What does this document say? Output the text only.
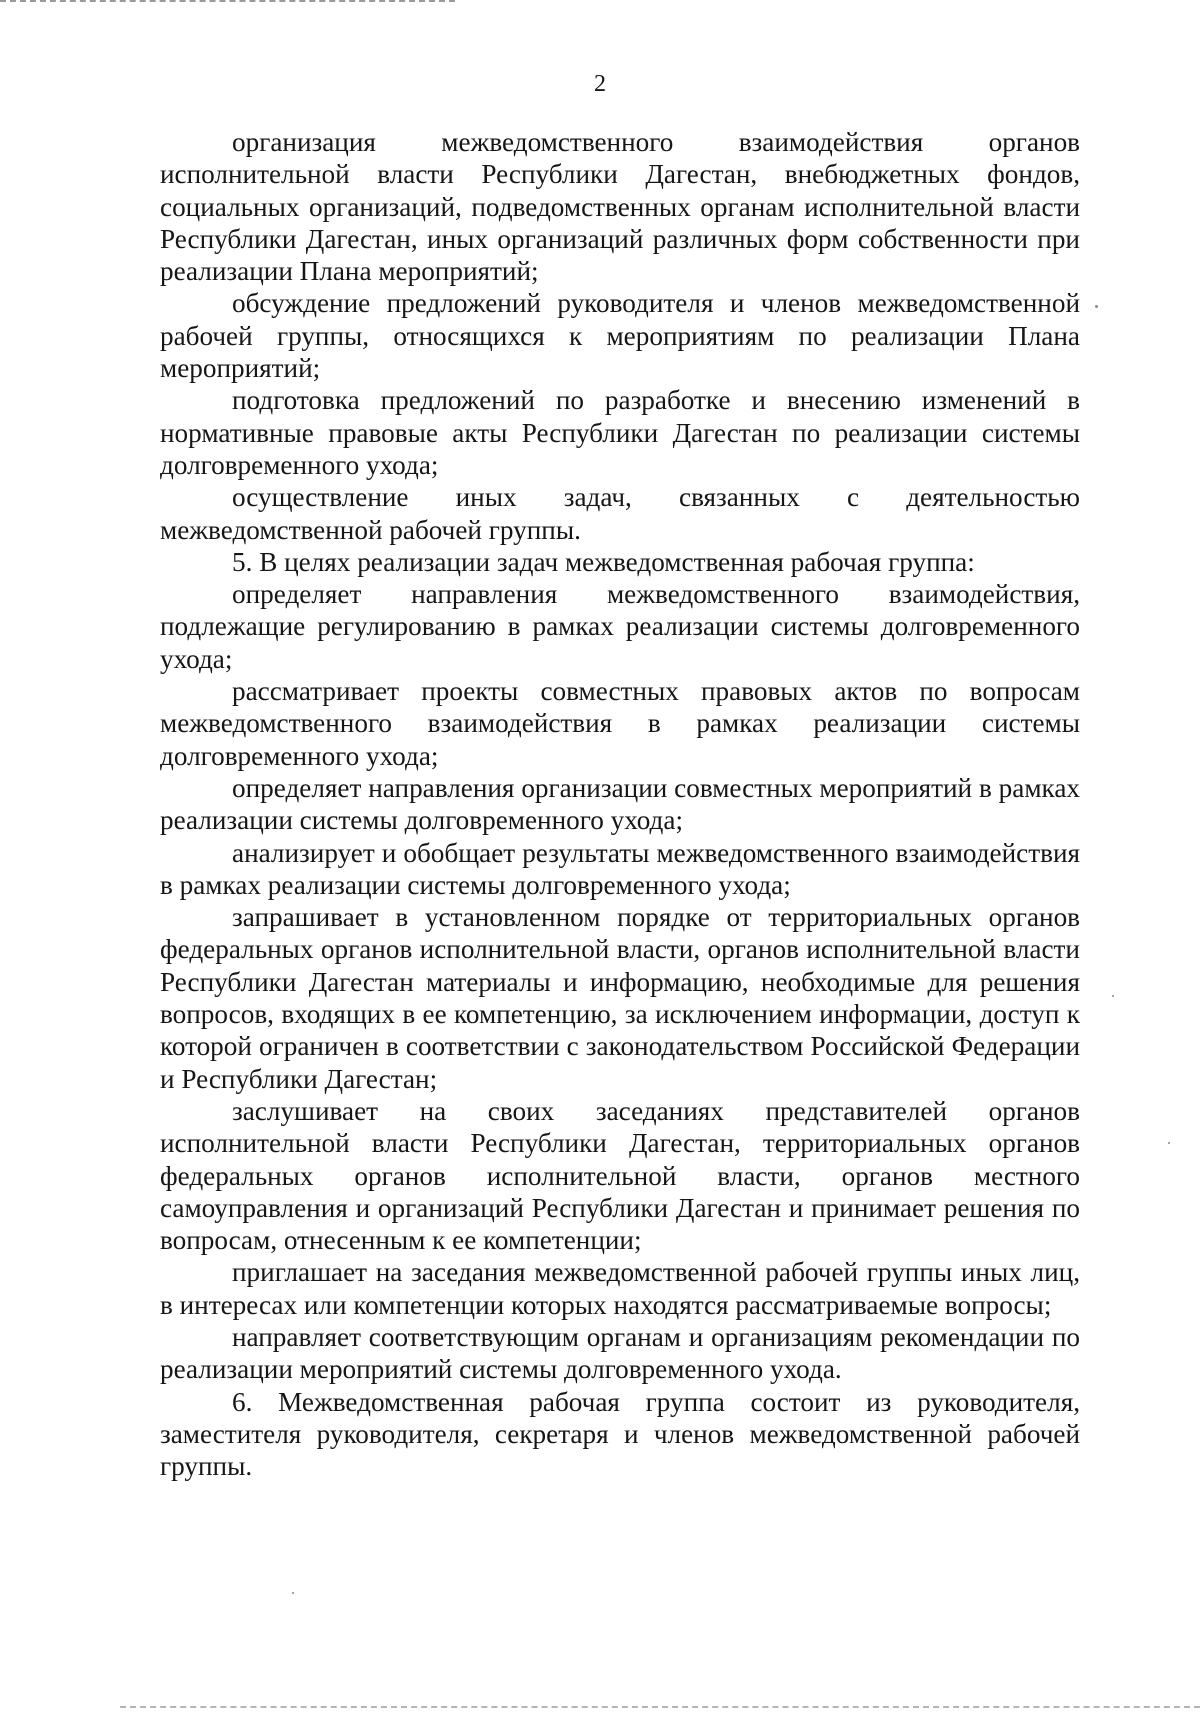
2

организация межведомственного взаимодействия органов исполнительной власти Республики Дагестан, внебюджетных фондов, социальных организаций, подведомственных органам исполнительной власти Республики Дагестан, иных организаций различных форм собственности при реализации Плана мероприятий;

обсуждение предложений руководителя и членов межведомственной рабочей группы, относящихся к мероприятиям по реализации Плана мероприятий;

подготовка предложений по разработке и внесению изменений в нормативные правовые акты Республики Дагестан по реализации системы долговременного ухода;

осуществление иных задач, связанных с деятельностью межведомственной рабочей группы.

5. В целях реализации задач межведомственная рабочая группа:

определяет направления межведомственного взаимодействия, подлежащие регулированию в рамках реализации системы долговременного ухода;

рассматривает проекты совместных правовых актов по вопросам межведомственного взаимодействия в рамках реализации системы долговременного ухода;

определяет направления организации совместных мероприятий в рамках реализации системы долговременного ухода;

анализирует и обобщает результаты межведомственного взаимодействия в рамках реализации системы долговременного ухода;

запрашивает в установленном порядке от территориальных органов федеральных органов исполнительной власти, органов исполнительной власти Республики Дагестан материалы и информацию, необходимые для решения вопросов, входящих в ее компетенцию, за исключением информации, доступ к которой ограничен в соответствии с законодательством Российской Федерации и Республики Дагестан;

заслушивает на своих заседаниях представителей органов исполнительной власти Республики Дагестан, территориальных органов федеральных органов исполнительной власти, органов местного самоуправления и организаций Республики Дагестан и принимает решения по вопросам, отнесенным к ее компетенции;

приглашает на заседания межведомственной рабочей группы иных лиц, в интересах или компетенции которых находятся рассматриваемые вопросы;

направляет соответствующим органам и организациям рекомендации по реализации мероприятий системы долговременного ухода.

6. Межведомственная рабочая группа состоит из руководителя, заместителя руководителя, секретаря и членов межведомственной рабочей группы.
